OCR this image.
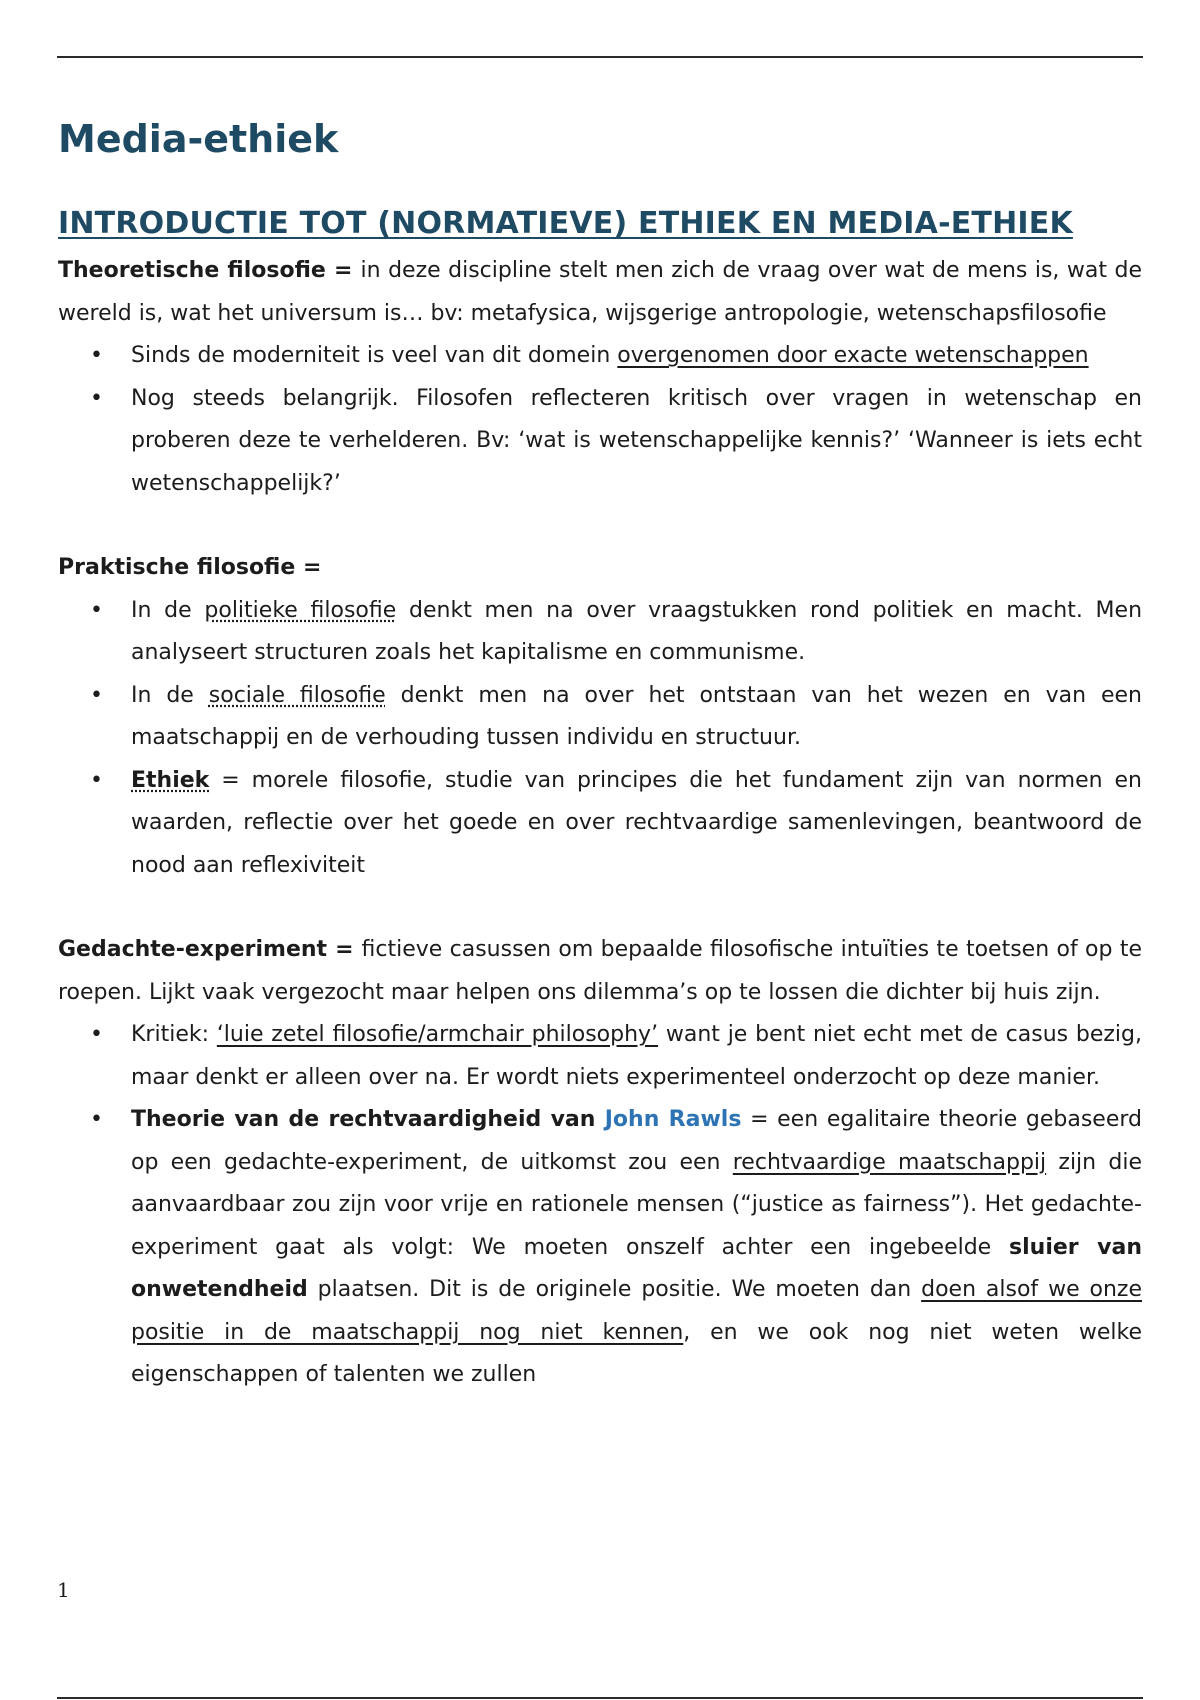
Media-ethiek
INTRODUCTIE TOT (NORMATIEVE) ETHIEK EN MEDIA-ETHIEK

Theoretische filosofie = in deze discipline stelt men zich de vraag over wat de mens is, wat de wereld is, wat het universum is… bv: metafysica, wijsgerige antropologie, wetenschapsfilosofie

• Sinds de moderniteit is veel van dit domein overgenomen door exacte wetenschappen
• Nog steeds belangrijk. Filosofen reflecteren kritisch over vragen in wetenschap en proberen deze te verhelderen. Bv: ‘wat is wetenschappelijke kennis?’ ‘Wanneer is iets echt wetenschappelijk?’

Praktische filosofie =

• In de politieke filosofie denkt men na over vraagstukken rond politiek en macht. Men analyseert structuren zoals het kapitalisme en communisme.
• In de sociale filosofie denkt men na over het ontstaan van het wezen en van een maatschappij en de verhouding tussen individu en structuur.
• Ethiek = morele filosofie, studie van principes die het fundament zijn van normen en waarden, reflectie over het goede en over rechtvaardige samenlevingen, beantwoord de nood aan reflexiviteit

Gedachte-experiment = fictieve casussen om bepaalde filosofische intuïties te toetsen of op te roepen. Lijkt vaak vergezocht maar helpen ons dilemma’s op te lossen die dichter bij huis zijn.

• Kritiek: ‘luie zetel filosofie/armchair philosophy’ want je bent niet echt met de casus bezig, maar denkt er alleen over na. Er wordt niets experimenteel onderzocht op deze manier.
• Theorie van de rechtvaardigheid van John Rawls = een egalitaire theorie gebaseerd op een gedachte-experiment, de uitkomst zou een rechtvaardige maatschappij zijn die aanvaardbaar zou zijn voor vrije en rationele mensen (“justice as fairness”). Het gedachte-experiment gaat als volgt: We moeten onszelf achter een ingebeelde sluier van onwetendheid plaatsen. Dit is de originele positie. We moeten dan doen alsof we onze positie in de maatschappij nog niet kennen, en we ook nog niet weten welke eigenschappen of talenten we zullen
1
